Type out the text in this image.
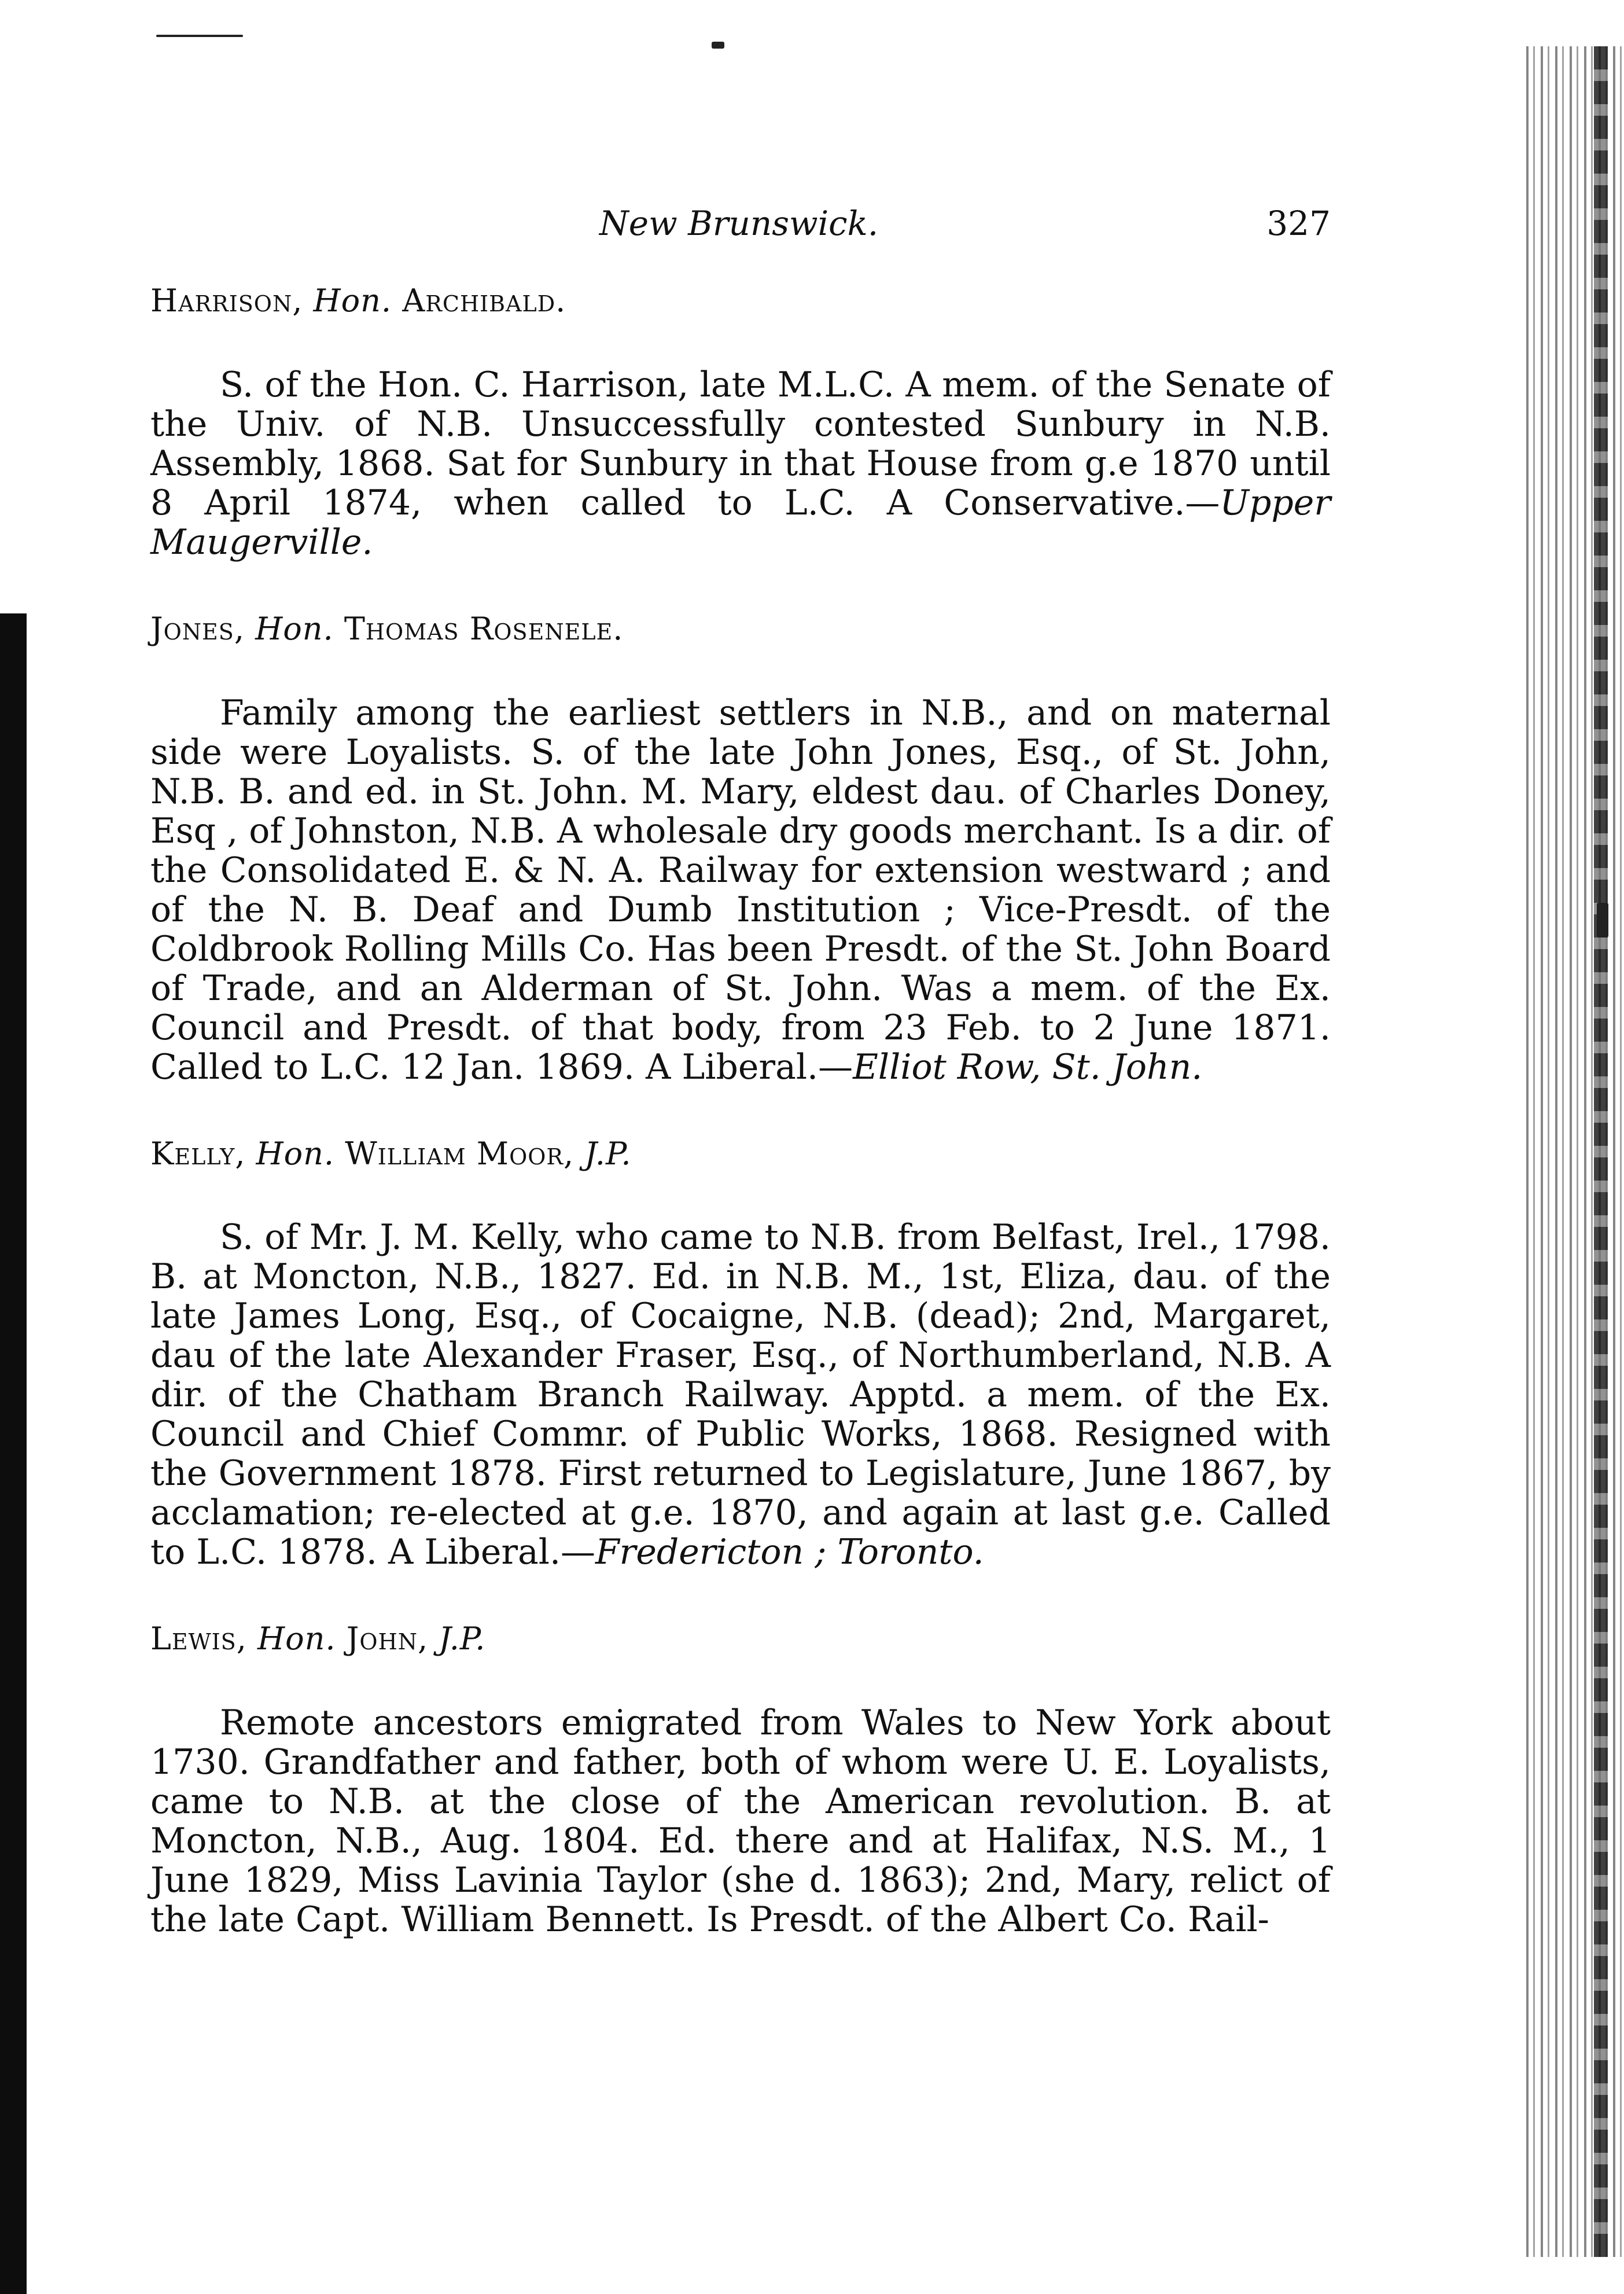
New Brunswick.	327

Harrison, Hon. Archibald.

S. of the Hon. C. Harrison, late M.L.C. A mem. of the Senate of the Univ. of N.B. Unsuccessfully contested Sunbury in N.B. Assembly, 1868. Sat for Sunbury in that House from g.e 1870 until 8 April 1874, when called to L.C. A Conservative.—Upper Maugerville.

Jones, Hon. Thomas Rosenele.

Family among the earliest settlers in N.B., and on maternal side were Loyalists. S. of the late John Jones, Esq., of St. John, N.B. B. and ed. in St. John. M. Mary, eldest dau. of Charles Doney, Esq , of Johnston, N.B. A wholesale dry goods merchant. Is a dir. of the Consolidated E. & N. A. Railway for extension westward ; and of the N. B. Deaf and Dumb Institution ; Vice-Presdt. of the Coldbrook Rolling Mills Co. Has been Presdt. of the St. John Board of Trade, and an Alderman of St. John. Was a mem. of the Ex. Council and Presdt. of that body, from 23 Feb. to 2 June 1871. Called to L.C. 12 Jan. 1869. A Liberal.—Elliot Row, St. John.

Kelly, Hon. William Moor, J.P.

S. of Mr. J. M. Kelly, who came to N.B. from Belfast, Irel., 1798. B. at Moncton, N.B., 1827. Ed. in N.B. M., 1st, Eliza, dau. of the late James Long, Esq., of Cocaigne, N.B. (dead); 2nd, Margaret, dau of the late Alexander Fraser, Esq., of Northumberland, N.B. A dir. of the Chatham Branch Railway. Apptd. a mem. of the Ex. Council and Chief Commr. of Public Works, 1868. Resigned with the Government 1878. First returned to Legislature, June 1867, by acclamation; re-elected at g.e. 1870, and again at last g.e. Called to L.C. 1878. A Liberal.—Fredericton ; Toronto.

Lewis, Hon. John, J.P.

Remote ancestors emigrated from Wales to New York about 1730. Grandfather and father, both of whom were U. E. Loyalists, came to N.B. at the close of the American revolution. B. at Moncton, N.B., Aug. 1804. Ed. there and at Halifax, N.S. M., 1 June 1829, Miss Lavinia Taylor (she d. 1863); 2nd, Mary, relict of the late Capt. William Bennett. Is Presdt. of the Albert Co. Rail-
